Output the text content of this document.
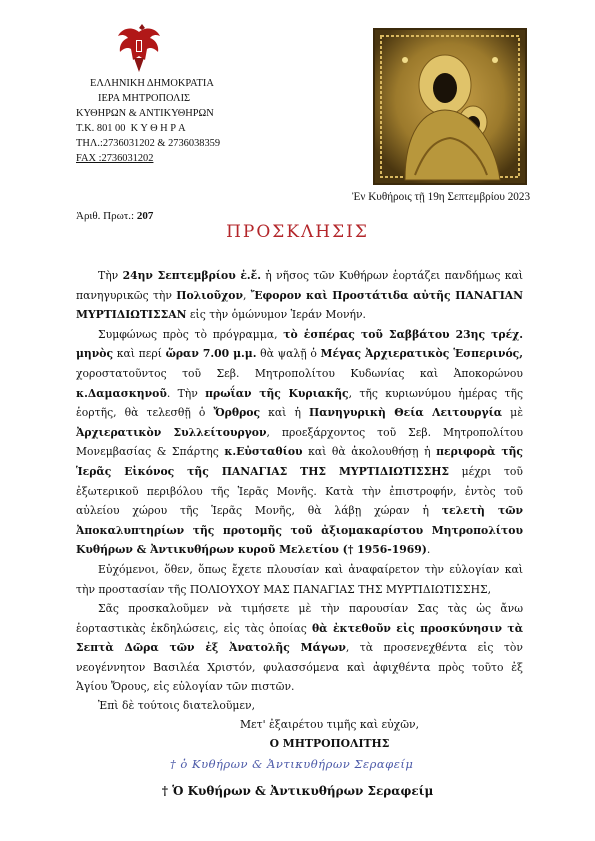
ΕΛΛΗΝΙΚΗ ΔΗΜΟΚΡΑΤΙΑ
ΙΕΡΑ ΜΗΤΡΟΠΟΛΙΣ
ΚΥΘΗΡΩΝ & ΑΝΤΙΚΥΘΗΡΩΝ
Τ.Κ. 801 00  Κ Υ Θ Η Ρ Α
ΤΗΛ.:2736031202 & 2736038359
FAX :2736031202
Ἐν Κυθήροις τῇ 19η Σεπτεμβρίου 2023
Ἀριθ. Πρωτ.: 207
ΠΡΟΣΚΛΗΣΙΣ

Τὴν 24ην Σεπτεμβρίου ἐ.ἔ. ἡ νῆσος τῶν Κυθήρων ἑορτάζει πανδήμως καὶ πανηγυρικῶς τὴν Πολιοῦχον, Ἔφορον καὶ Προστάτιδα αὐτῆς ΠΑΝΑΓΙΑΝ ΜΥΡΤΙΔΙΩΤΙΣΣΑΝ εἰς τὴν ὁμώνυμον Ἱεράν Μονήν.

Συμφώνως πρὸς τὸ πρόγραμμα, τὸ ἑσπέρας τοῦ Σαββάτου 23ης τρέχ. μηνὸς καὶ περί ὥραν 7.00 μ.μ. θὰ ψαλῇ ὁ Μέγας Ἀρχιερατικὸς Ἑσπερινός, χοροστατοῦντος τοῦ Σεβ. Μητροπολίτου Κυδωνίας καὶ Ἀποκορώνου κ.Δαμασκηνοῦ. Τὴν πρωΐαν τῆς Κυριακῆς, τῆς κυριωνύμου ἡμέρας τῆς ἑορτῆς, θὰ τελεσθῇ ὁ Ὄρθρος καὶ ἡ Πανηγυρικὴ Θεία Λειτουργία μὲ Ἀρχιερατικὸν Συλλείτουργον, προεξάρχοντος τοῦ Σεβ. Μητροπολίτου Μονεμβασίας & Σπάρτης κ.Εὐσταθίου καὶ θὰ ἀκολουθήσῃ ἡ περιφορὰ τῆς Ἱερᾶς Εἰκόνος τῆς ΠΑΝΑΓΙΑΣ ΤΗΣ ΜΥΡΤΙΔΙΩΤΙΣΣΗΣ μέχρι τοῦ ἐξωτερικοῦ περιβόλου τῆς Ἱερᾶς Μονῆς. Κατὰ τὴν ἐπιστροφήν, ἐντὸς τοῦ αὐλείου χώρου τῆς Ἱερᾶς Μονῆς, θὰ λάβῃ χώραν ἡ τελετὴ τῶν Ἀποκαλυπτηρίων τῆς προτομῆς τοῦ ἀξιομακαρίστου Μητροπολίτου Κυθήρων & Ἀντικυθήρων κυροῦ Μελετίου († 1956-1969).

Εὐχόμενοι, ὅθεν, ὅπως ἔχετε πλουσίαν καὶ ἀναφαίρετον τὴν εὐλογίαν καὶ τὴν προστασίαν τῆς ΠΟΛΙΟΥΧΟΥ ΜΑΣ ΠΑΝΑΓΙΑΣ ΤΗΣ ΜΥΡΤΙΔΙΩΤΙΣΣΗΣ,

Σᾶς προσκαλοῦμεν νὰ τιμήσετε μὲ τὴν παρουσίαν Σας τὰς ὡς ἄνω ἑορταστικὰς ἐκδηλώσεις, εἰς τὰς ὁποίας θὰ ἐκτεθοῦν εἰς προσκύνησιν τὰ Σεπτὰ Δῶρα τῶν ἐξ Ἀνατολῆς Μάγων, τὰ προσενεχθέντα εἰς τὸν νεογέννητον Βασιλέα Χριστόν, φυλασσόμενα καὶ ἀφιχθέντα πρὸς τοῦτο ἐξ Ἁγίου Ὄρους, εἰς εὐλογίαν τῶν πιστῶν.

Ἐπὶ δὲ τούτοις διατελοῦμεν,
Μετ' ἐξαιρέτου τιμῆς καὶ εὐχῶν,
Ο ΜΗΤΡΟΠΟΛΙΤΗΣ
† ὁ Κυθήρων & Ἀντικυθήρων Σεραφείμ
† Ὁ Κυθήρων & Ἀντικυθήρων Σεραφείμ
